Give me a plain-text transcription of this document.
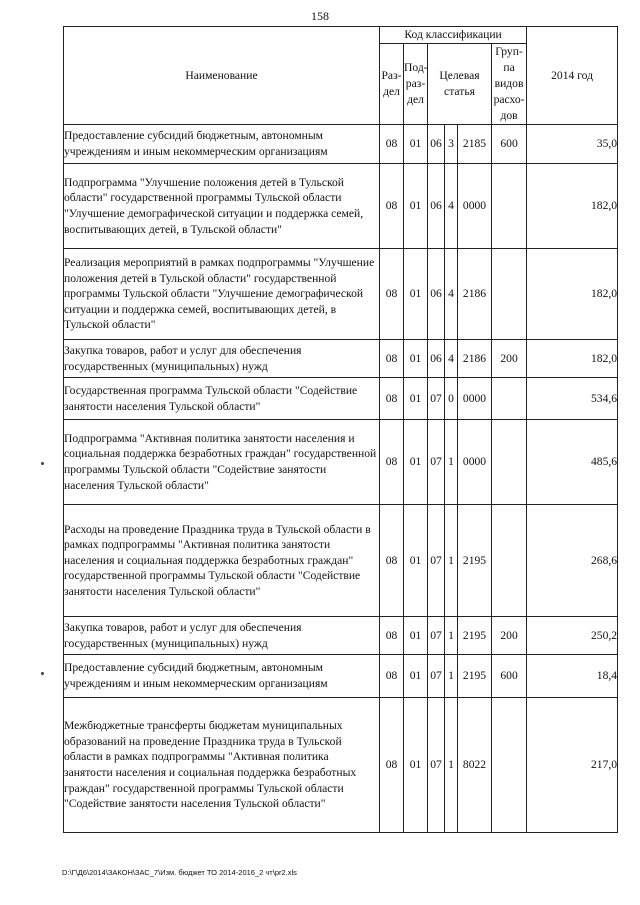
158
Наименование	Код классификации						2014 год
	Раз-дел	Под-раз-дел	Целевая статья			Груп-па видов расхо-дов	
Предоставление субсидий бюджетным, автономным учреждениям и иным некоммерческим организациям	08	01	06	3	2185	600	35,0
Подпрограмма "Улучшение положения детей в Тульской области" государственной программы Тульской области "Улучшение демографической ситуации и поддержка семей, воспитывающих детей, в Тульской области"	08	01	06	4	0000		182,0
Реализация мероприятий в рамках подпрограммы "Улучшение положения детей в Тульской области" государственной программы Тульской области "Улучшение демографической ситуации и поддержка семей, воспитывающих детей, в Тульской области"	08	01	06	4	2186		182,0
Закупка товаров, работ и услуг для обеспечения государственных (муниципальных) нужд	08	01	06	4	2186	200	182,0
Государственная программа Тульской области "Содействие занятости населения Тульской области"	08	01	07	0	0000		534,6
Подпрограмма "Активная политика занятости населения и социальная поддержка безработных граждан" государственной программы Тульской области "Содействие занятости населения Тульской области"	08	01	07	1	0000		485,6
Расходы на проведение Праздника труда в Тульской области в рамках подпрограммы "Активная политика занятости населения и социальная поддержка безработных граждан" государственной программы Тульской области "Содействие занятости населения Тульской области"	08	01	07	1	2195		268,6
Закупка товаров, работ и услуг для обеспечения государственных (муниципальных) нужд	08	01	07	1	2195	200	250,2
Предоставление субсидий бюджетным, автономным учреждениям и иным некоммерческим организациям	08	01	07	1	2195	600	18,4
Межбюджетные трансферты бюджетам муниципальных образований на проведение Праздника труда в Тульской области в рамках подпрограммы "Активная политика занятости населения и социальная поддержка безработных граждан" государственной программы Тульской области "Содействие занятости населения Тульской области"	08	01	07	1	8022		217,0
D:\Г\Д6\2014\ЗАКОН\ЗАС_7\Изм. бюджет ТО 2014-2016_2 чт\pr2.xls
